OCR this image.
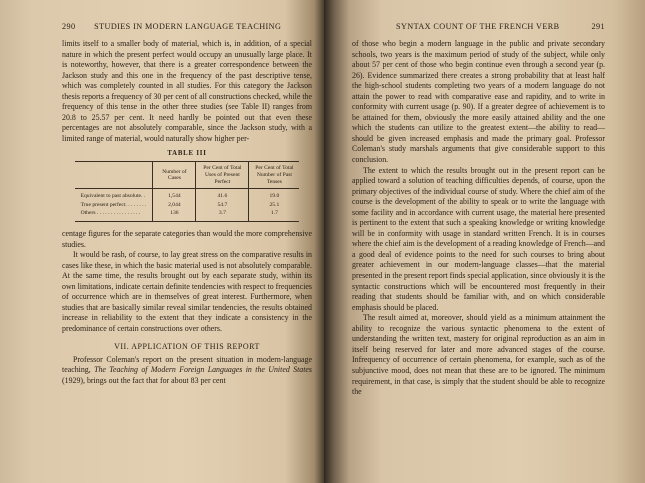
290 STUDIES IN MODERN LANGUAGE TEACHING

limits itself to a smaller body of material, which is, in addition, of a special nature in which the present perfect would occupy an unusually large place. It is noteworthy, however, that there is a greater correspondence between the Jackson study and this one in the frequency of the past descriptive tense, which was completely counted in all studies. For this category the Jackson thesis reports a frequency of 30 per cent of all constructions checked, while the frequency of this tense in the other three studies (see Table II) ranges from 20.8 to 25.57 per cent. It need hardly be pointed out that even these percentages are not absolutely comparable, since the Jackson study, with a limited range of material, would naturally show higher per-

TABLE III
	Number of Cases	Per Cent of Total Uses of Present Perfect	Per Cent of Total Number of Past Tenses
Equivalent to past absolute. .	1,544	41.6	19.0
True present perfect. . . . . . . .	2,044	54.7	25.1
Others . . . . . . . . . . . . . . . .	136	3.7	1.7

centage figures for the separate categories than would the more comprehensive studies.

It would be rash, of course, to lay great stress on the comparative results in cases like these, in which the basic material used is not absolutely comparable. At the same time, the results brought out by each separate study, within its own limitations, indicate certain definite tendencies with respect to frequencies of occurrence which are in themselves of great interest. Furthermore, when studies that are basically similar reveal similar tendencies, the results obtained increase in reliability to the extent that they indicate a consistency in the predominance of certain constructions over others.

VII. APPLICATION OF THIS REPORT

Professor Coleman's report on the present situation in modern-language teaching, The Teaching of Modern Foreign Languages in the United States (1929), brings out the fact that for about 83 per cent

SYNTAX COUNT OF THE FRENCH VERB	291

of those who begin a modern language in the public and private secondary schools, two years is the maximum period of study of the subject, while only about 57 per cent of those who begin continue even through a second year (p. 26). Evidence summarized there creates a strong probability that at least half the high-school students completing two years of a modern language do not attain the power to read with comparative ease and rapidity, and to write in conformity with current usage (p. 90). If a greater degree of achievement is to be attained for them, obviously the more easily attained ability and the one which the students can utilize to the greatest extent—the ability to read—should be given increased emphasis and made the primary goal. Professor Coleman's study marshals arguments that give considerable support to this conclusion.

The extent to which the results brought out in the present report can be applied toward a solution of teaching difficulties depends, of course, upon the primary objectives of the individual course of study. Where the chief aim of the course is the development of the ability to speak or to write the language with some facility and in accordance with current usage, the material here presented is pertinent to the extent that such a speaking knowledge or writing knowledge will be in conformity with usage in standard written French. It is in courses where the chief aim is the development of a reading knowledge of French—and a good deal of evidence points to the need for such courses to bring about greater achievement in our modern-language classes—that the material presented in the present report finds special application, since obviously it is the syntactic constructions which will be encountered most frequently in their reading that students should be familiar with, and on which considerable emphasis should be placed.

The result aimed at, moreover, should yield as a minimum attainment the ability to recognize the various syntactic phenomena to the extent of understanding the written text, mastery for original reproduction as an aim in itself being reserved for later and more advanced stages of the course. Infrequency of occurrence of certain phenomena, for example, such as of the subjunctive mood, does not mean that these are to be ignored. The minimum requirement, in that case, is simply that the student should be able to recognize the
